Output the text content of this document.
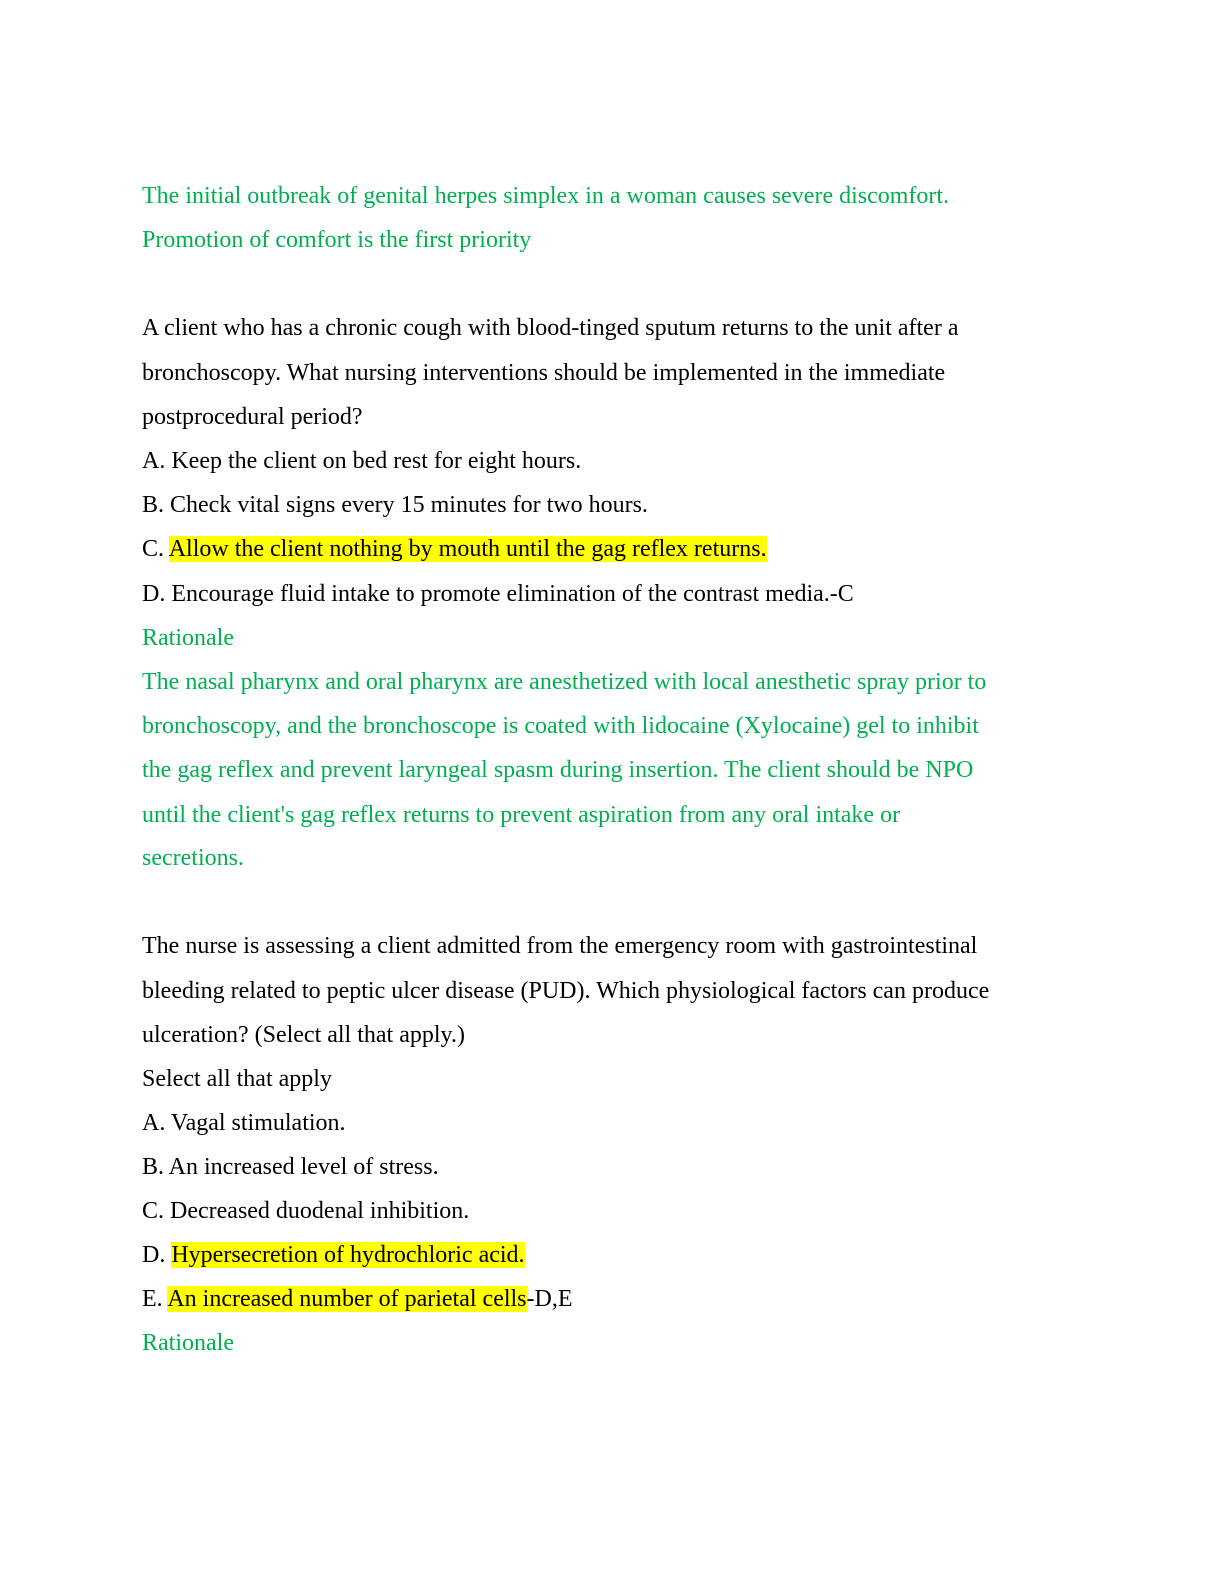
The initial outbreak of genital herpes simplex in a woman causes severe discomfort.
Promotion of comfort is the first priority
A client who has a chronic cough with blood-tinged sputum returns to the unit after a
bronchoscopy. What nursing interventions should be implemented in the immediate
postprocedural period?
A. Keep the client on bed rest for eight hours.
B. Check vital signs every 15 minutes for two hours.
C. Allow the client nothing by mouth until the gag reflex returns.
D. Encourage fluid intake to promote elimination of the contrast media.-C
Rationale
The nasal pharynx and oral pharynx are anesthetized with local anesthetic spray prior to
bronchoscopy, and the bronchoscope is coated with lidocaine (Xylocaine) gel to inhibit
the gag reflex and prevent laryngeal spasm during insertion. The client should be NPO
until the client's gag reflex returns to prevent aspiration from any oral intake or
secretions.
The nurse is assessing a client admitted from the emergency room with gastrointestinal
bleeding related to peptic ulcer disease (PUD). Which physiological factors can produce
ulceration? (Select all that apply.)
Select all that apply
A. Vagal stimulation.
B. An increased level of stress.
C. Decreased duodenal inhibition.
D. Hypersecretion of hydrochloric acid.
E. An increased number of parietal cells-D,E
Rationale
